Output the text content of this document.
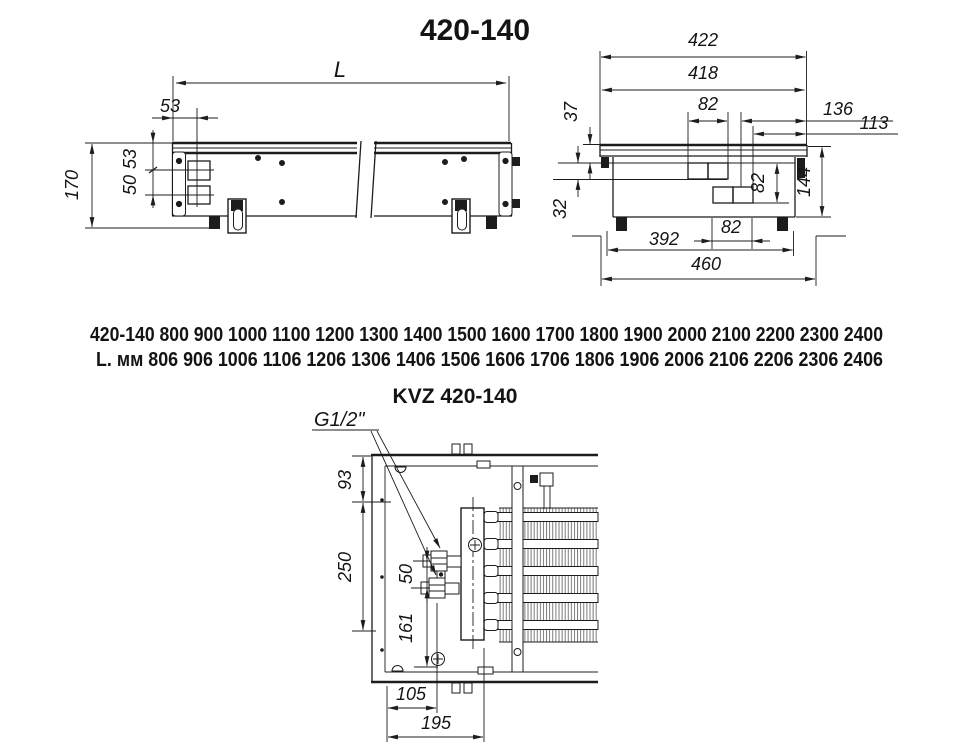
420-140
L
53
53
50
170
422
418
82	136
113
37
32
82 144
392
82
460
420-140 800 900 1000 1100 1200 1300 1400 1500 1600 1700 1800 1900 2000 2100 2200 2300 2400
L. мм 806 906 1006 1106 1206 1306 1406 1506 1606 1706 1806 1906 2006 2106 2206 2306 2406
KVZ 420-140
G1/2"
93
250 50
161
105
195
